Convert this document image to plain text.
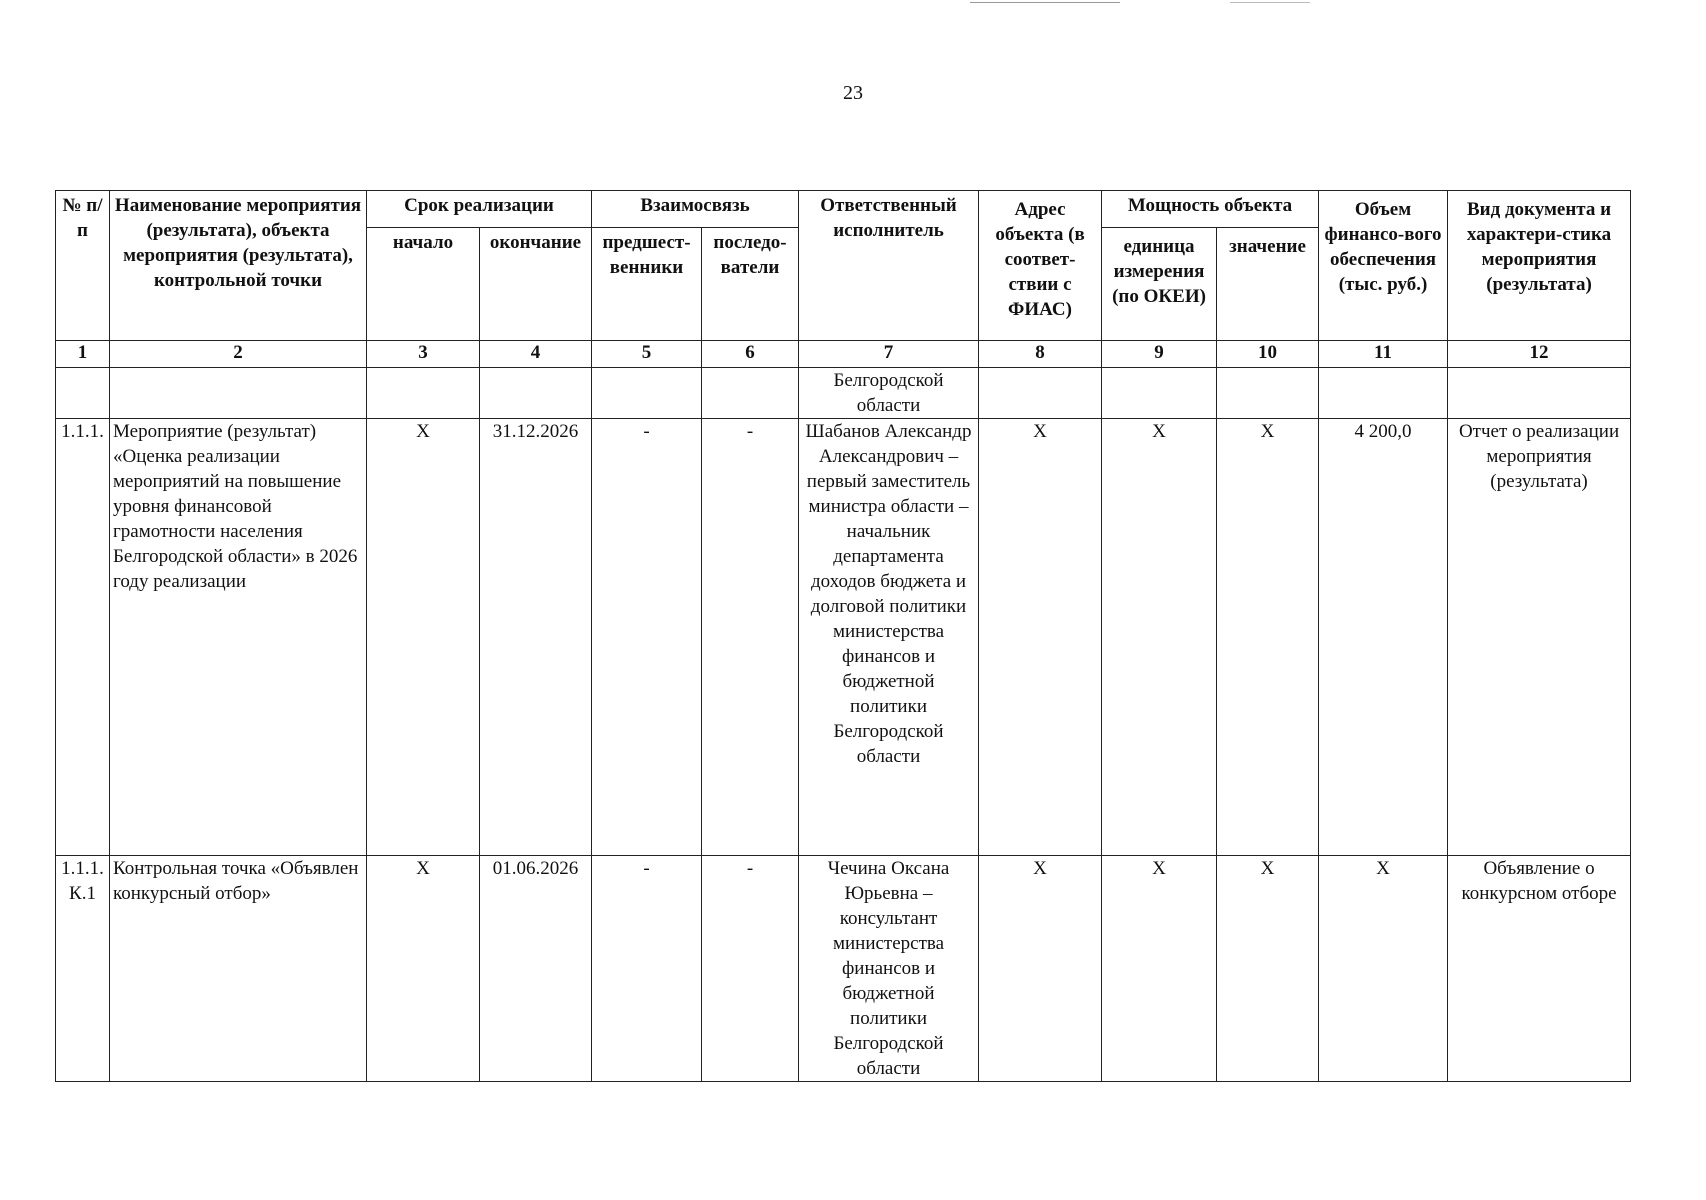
23
№ п/п	Наименование мероприятия (результата), объекта мероприятия (результата), контрольной точки	Срок реализации		Взаимосвязь		Ответственный исполнитель	Адрес объекта (в соответ-ствии с ФИАС)	Мощность объекта		Объем финансо-вого обеспечения (тыс. руб.)	Вид документа и характери-стика мероприятия (результата)
		начало	окончание	предшест-венники	последо-ватели			единица измерения (по ОКЕИ)	значение		
1	2	3	4	5	6	7	8	9	10	11	12
						Белгородской области					
1.1.1.	Мероприятие (результат) «Оценка реализации мероприятий на повышение уровня финансовой грамотности населения Белгородской области» в 2026 году реализации	X	31.12.2026	-	-	Шабанов Александр Александрович – первый заместитель министра области – начальник департамента доходов бюджета и долговой политики министерства финансов и бюджетной политики Белгородской области	X	X	X	4 200,0	Отчет о реализации мероприятия (результата)
1.1.1. К.1	Контрольная точка «Объявлен конкурсный отбор»	X	01.06.2026	-	-	Чечина Оксана Юрьевна – консультант министерства финансов и бюджетной политики Белгородской области	X	X	X	X	Объявление о конкурсном отборе
